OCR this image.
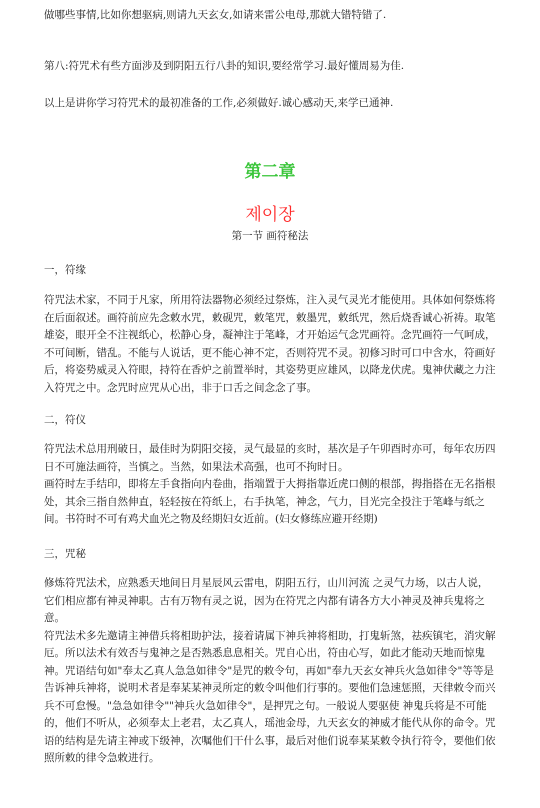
做哪些事情,比如你想驱病,则请九天玄女,如请来雷公电母,那就大错特错了.

第八:符咒术有些方面涉及到阴阳五行八卦的知识,要经常学习.最好懂周易为佳.

以上是讲你学习符咒术的最初准备的工作,必须做好.诚心感动天,来学已通神.

第二章

제이장

第一节 画符秘法

一，符缘

符咒法术家，不同于凡家，所用符法器物必须经过祭炼，注入灵气灵光才能使用。具体如何祭炼将在后面叙述。画符前应先念敕水咒，敕砚咒，敕笔咒，敕墨咒，敕纸咒，然后烧香诚心祈祷。取笔雄姿，眼开全不注视纸心，松静心身，凝神注于笔峰，才开始运气念咒画符。念咒画符一气呵成，不可间断，错乱。不能与人说话，更不能心神不定，否则符咒不灵。初修习时可口中含水，符画好后，将姿势威灵入符眼，持符在香炉之前置举时，其姿势更应雄风，以降龙伏虎。鬼神伏藏之力注入符咒之中。念咒时应咒从心出，非于口舌之间念念了事。

二，符仪

符咒法术总用刑破日，最佳时为阴阳交接，灵气最显的亥时，基次是子午卯酉时亦可，每年农历四日不可施法画符，当慎之。当然，如果法术高强，也可不拘时日。
画符时左手结印，即将左手食指向内卷曲，指端置于大拇指靠近虎口侧的根部，拇指搭在无名指根处，其余三指自然伸直，轻轻按在符纸上，右手执笔，神念，气力，目光完全投注于笔峰与纸之间。书符时不可有鸡犬血光之物及经期妇女近前。(妇女修练应避开经期)

三，咒秘

修炼符咒法术，应熟悉天地间日月星辰风云雷电，阴阳五行，山川河流 之灵气力场，以古人说，它们相应都有神灵神职。古有万物有灵之说，因为在符咒之内都有请各方大小神灵及神兵鬼将之意。
符咒法术多先邀请主神借兵将相助护法，接着请属下神兵神将相助，打鬼斩煞，祛疾镇宅，消灾解厄。所以法术有效否与鬼神之是否熟悉息息相关。咒自心出，符由心写，如此才能动天地而惊鬼神。咒语结句如"奉太乙真人急急如律令"是咒的敕令句，再如"奉九天玄女神兵火急如律令"等等是告诉神兵神将，说明术者是奉某某神灵所定的敕令叫他们行事的。要他们急速惩照，天律敕令而兴兵不可怠慢。"急急如律令""神兵火急如律令"，是押咒之句。一般说人要驱使 神鬼兵将是不可能的，他们不听从，必须奉太上老君，太乙真人，瑶池金母，九天玄女的神威才能代从你的命令。咒语的结构是先请主神或下级神，次嘱他们干什么事，最后对他们说奉某某敕令执行符令，要他们依照所敕的律令急敕进行。
